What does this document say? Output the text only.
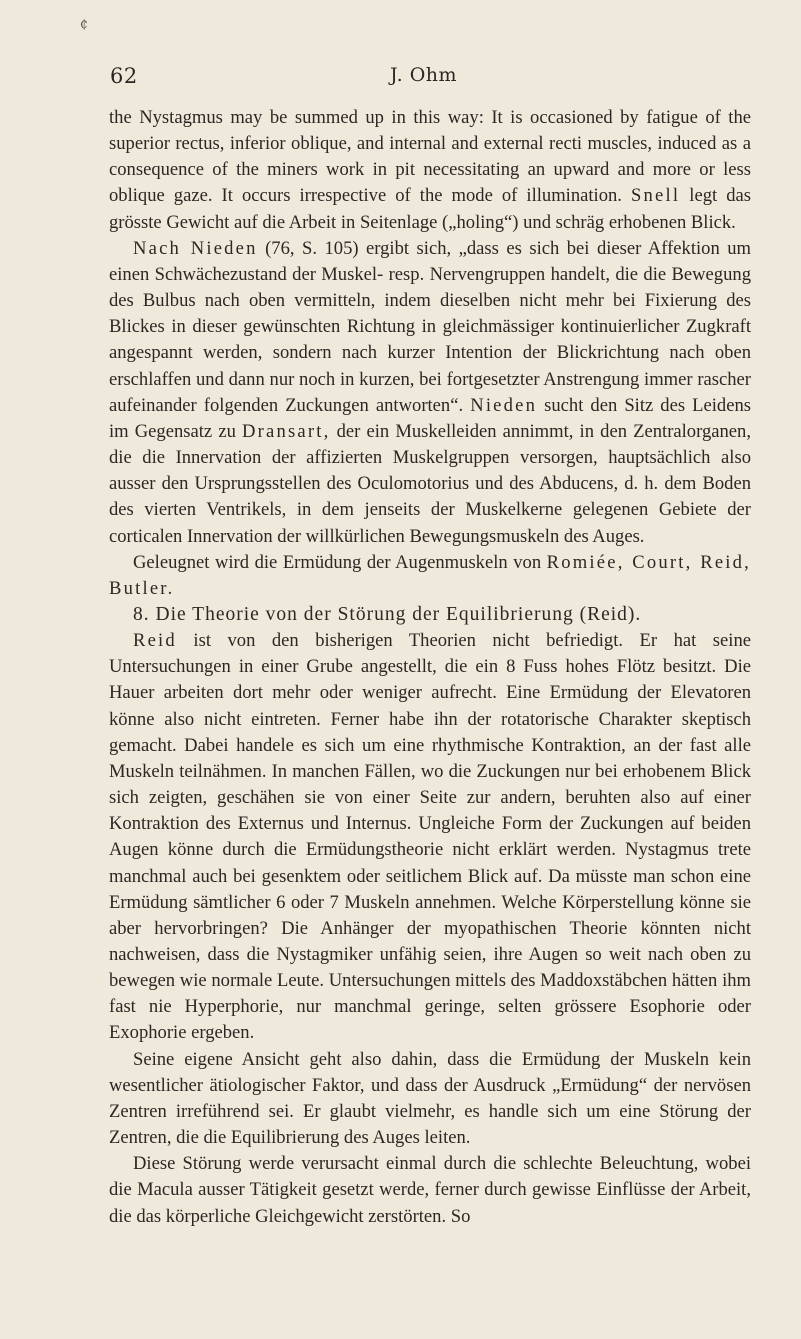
₵
62	J. Ohm

the Nystagmus may be summed up in this way: It is occasioned by fatigue of the superior rectus, inferior oblique, and internal and external recti muscles, induced as a consequence of the miners work in pit necessitating an upward and more or less oblique gaze. It occurs irrespective of the mode of illumination. Snell legt das grösste Gewicht auf die Arbeit in Seitenlage („holing“) und schräg erhobenen Blick.

Nach Nieden (76, S. 105) ergibt sich, „dass es sich bei dieser Affektion um einen Schwächezustand der Muskel- resp. Nervengruppen handelt, die die Bewegung des Bulbus nach oben vermitteln, indem dieselben nicht mehr bei Fixierung des Blickes in dieser gewünschten Richtung in gleichmässiger kontinuierlicher Zugkraft angespannt werden, sondern nach kurzer Intention der Blickrichtung nach oben erschlaffen und dann nur noch in kurzen, bei fortgesetzter Anstrengung immer rascher aufeinander folgenden Zuckungen antworten“. Nieden sucht den Sitz des Leidens im Gegensatz zu Dransart, der ein Muskelleiden annimmt, in den Zentralorganen, die die Innervation der affizierten Muskelgruppen versorgen, hauptsächlich also ausser den Ursprungsstellen des Oculomotorius und des Abducens, d. h. dem Boden des vierten Ventrikels, in dem jenseits der Muskelkerne gelegenen Gebiete der corticalen Innervation der willkürlichen Bewegungsmuskeln des Auges.

Geleugnet wird die Ermüdung der Augenmuskeln von Romiée, Court, Reid, Butler.

8. Die Theorie von der Störung der Equilibrierung (Reid).

Reid ist von den bisherigen Theorien nicht befriedigt. Er hat seine Untersuchungen in einer Grube angestellt, die ein 8 Fuss hohes Flötz besitzt. Die Hauer arbeiten dort mehr oder weniger aufrecht. Eine Ermüdung der Elevatoren könne also nicht eintreten. Ferner habe ihn der rotatorische Charakter skeptisch gemacht. Dabei handele es sich um eine rhythmische Kontraktion, an der fast alle Muskeln teilnähmen. In manchen Fällen, wo die Zuckungen nur bei erhobenem Blick sich zeigten, geschähen sie von einer Seite zur andern, beruhten also auf einer Kontraktion des Externus und Internus. Ungleiche Form der Zuckungen auf beiden Augen könne durch die Ermüdungstheorie nicht erklärt werden. Nystagmus trete manchmal auch bei gesenktem oder seitlichem Blick auf. Da müsste man schon eine Ermüdung sämtlicher 6 oder 7 Muskeln annehmen. Welche Körperstellung könne sie aber hervorbringen? Die Anhänger der myopathischen Theorie könnten nicht nachweisen, dass die Nystagmiker unfähig seien, ihre Augen so weit nach oben zu bewegen wie normale Leute. Untersuchungen mittels des Maddoxstäbchen hätten ihm fast nie Hyperphorie, nur manchmal geringe, selten grössere Esophorie oder Exophorie ergeben.

Seine eigene Ansicht geht also dahin, dass die Ermüdung der Muskeln kein wesentlicher ätiologischer Faktor, und dass der Ausdruck „Ermüdung“ der nervösen Zentren irreführend sei. Er glaubt vielmehr, es handle sich um eine Störung der Zentren, die die Equilibrierung des Auges leiten.

Diese Störung werde verursacht einmal durch die schlechte Beleuchtung, wobei die Macula ausser Tätigkeit gesetzt werde, ferner durch gewisse Einflüsse der Arbeit, die das körperliche Gleichgewicht zerstörten. So
